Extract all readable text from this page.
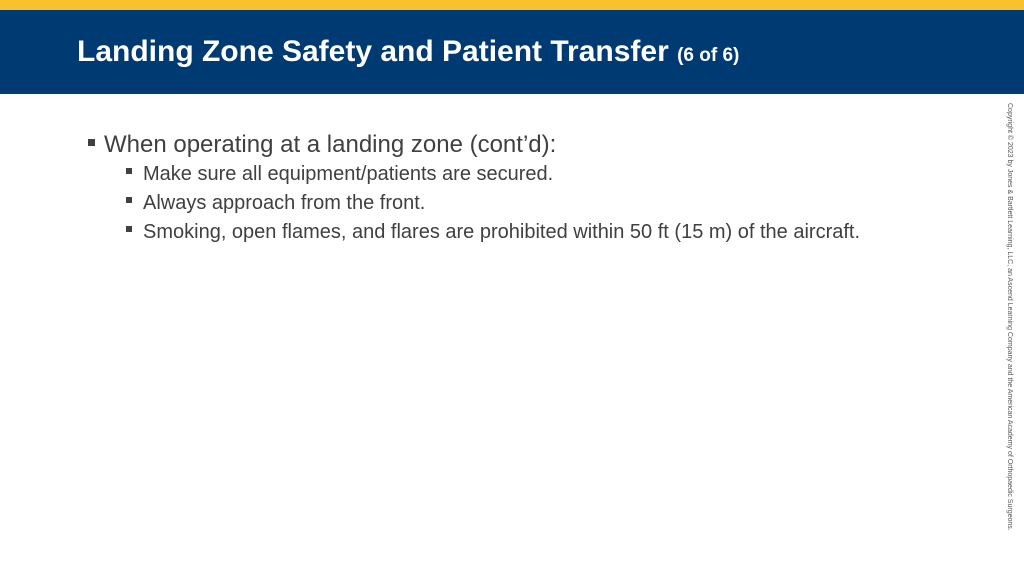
Landing Zone Safety and Patient Transfer (6 of 6)
When operating at a landing zone (cont’d):
Make sure all equipment/patients are secured.
Always approach from the front.
Smoking, open flames, and flares are prohibited within 50 ft (15 m) of the aircraft.	Copyright © 2023 by Jones & Bartlett Learning, LLC, an Ascend Learning Company and the American Academy of Orthopaedic Surgeons.
